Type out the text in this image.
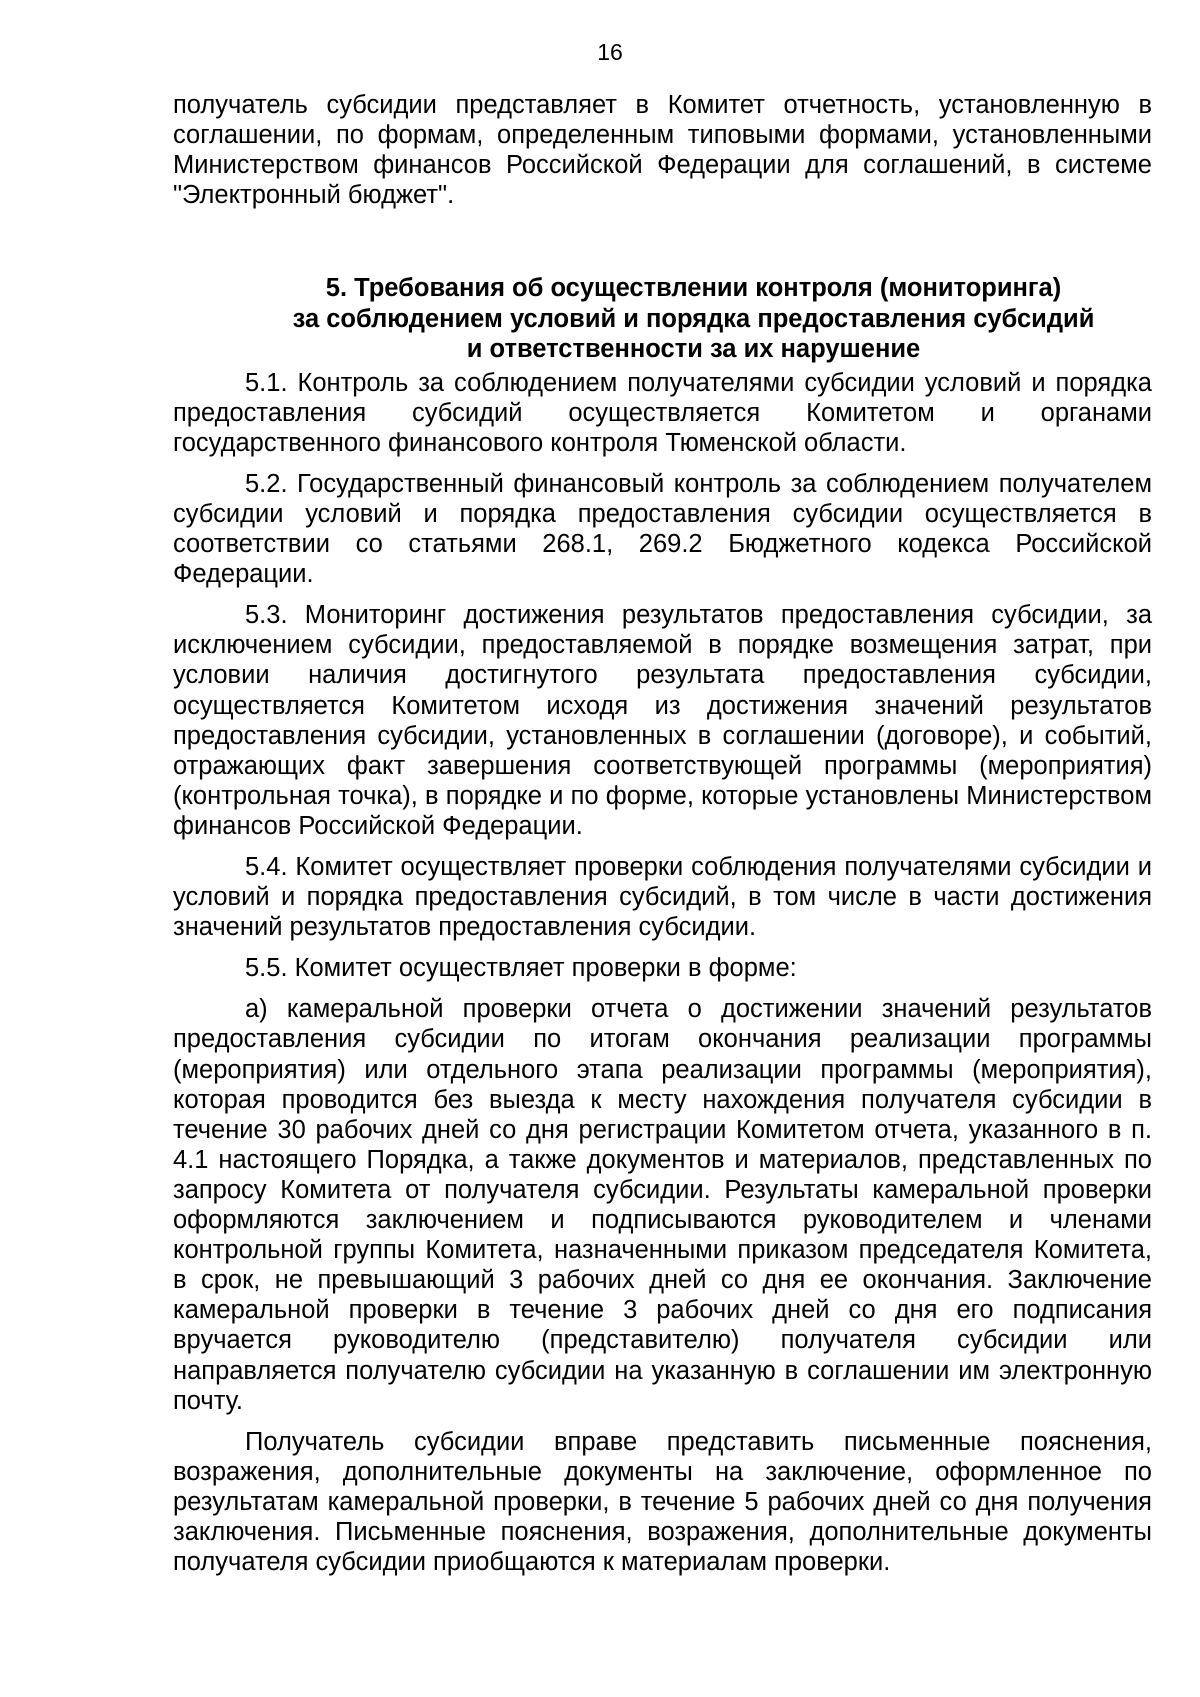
16

получатель субсидии представляет в Комитет отчетность, установленную в соглашении, по формам, определенным типовыми формами, установленными Министерством финансов Российской Федерации для соглашений, в системе "Электронный бюджет".

5. Требования об осуществлении контроля (мониторинга)
за соблюдением условий и порядка предоставления субсидий
и ответственности за их нарушение

5.1. Контроль за соблюдением получателями субсидии условий и порядка предоставления субсидий осуществляется Комитетом и органами государственного финансового контроля Тюменской области.

5.2. Государственный финансовый контроль за соблюдением получателем субсидии условий и порядка предоставления субсидии осуществляется в соответствии со статьями 268.1, 269.2 Бюджетного кодекса Российской Федерации.

5.3. Мониторинг достижения результатов предоставления субсидии, за исключением субсидии, предоставляемой в порядке возмещения затрат, при условии наличия достигнутого результата предоставления субсидии, осуществляется Комитетом исходя из достижения значений результатов предоставления субсидии, установленных в соглашении (договоре), и событий, отражающих факт завершения соответствующей программы (мероприятия) (контрольная точка), в порядке и по форме, которые установлены Министерством финансов Российской Федерации.

5.4. Комитет осуществляет проверки соблюдения получателями субсидии и условий и порядка предоставления субсидий, в том числе в части достижения значений результатов предоставления субсидии.

5.5. Комитет осуществляет проверки в форме:

а) камеральной проверки отчета о достижении значений результатов предоставления субсидии по итогам окончания реализации программы (мероприятия) или отдельного этапа реализации программы (мероприятия), которая проводится без выезда к месту нахождения получателя субсидии в течение 30 рабочих дней со дня регистрации Комитетом отчета, указанного в п. 4.1 настоящего Порядка, а также документов и материалов, представленных по запросу Комитета от получателя субсидии. Результаты камеральной проверки оформляются заключением и подписываются руководителем и членами контрольной группы Комитета, назначенными приказом председателя Комитета, в срок, не превышающий 3 рабочих дней со дня ее окончания. Заключение камеральной проверки в течение 3 рабочих дней со дня его подписания вручается руководителю (представителю) получателя субсидии или направляется получателю субсидии на указанную в соглашении им электронную почту.

Получатель субсидии вправе представить письменные пояснения, возражения, дополнительные документы на заключение, оформленное по результатам камеральной проверки, в течение 5 рабочих дней со дня получения заключения. Письменные пояснения, возражения, дополнительные документы получателя субсидии приобщаются к материалам проверки.
